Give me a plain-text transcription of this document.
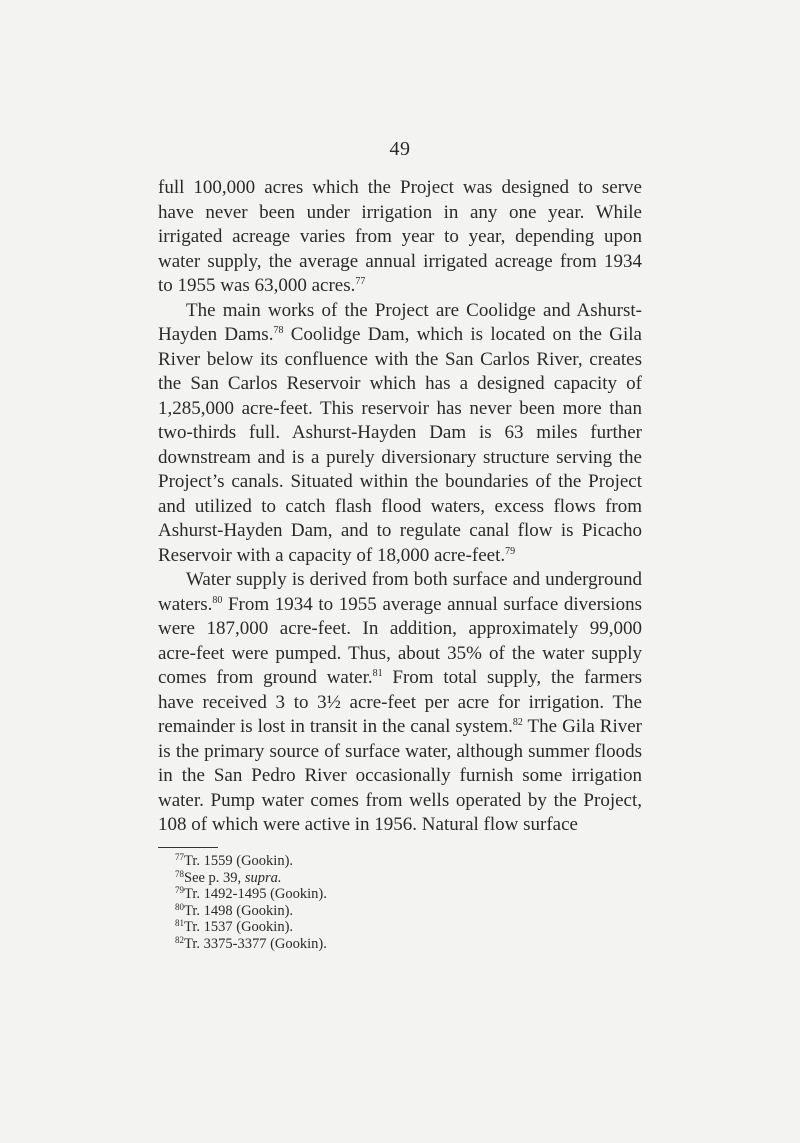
49

full 100,000 acres which the Project was designed to serve have never been under irrigation in any one year. While irrigated acreage varies from year to year, depending upon water supply, the average annual irrigated acreage from 1934 to 1955 was 63,000 acres.$^{77}$

The main works of the Project are Coolidge and Ashurst-Hayden Dams.$^{78}$ Coolidge Dam, which is located on the Gila River below its confluence with the San Carlos River, creates the San Carlos Reservoir which has a designed capacity of 1,285,000 acre-feet. This reservoir has never been more than two-thirds full. Ashurst-Hayden Dam is 63 miles further downstream and is a purely diversionary structure serving the Project’s canals. Situated within the boundaries of the Project and utilized to catch flash flood waters, excess flows from Ashurst-Hayden Dam, and to regulate canal flow is Picacho Reservoir with a capacity of 18,000 acre-feet.$^{79}$

Water supply is derived from both surface and underground waters.$^{80}$ From 1934 to 1955 average annual surface diversions were 187,000 acre-feet. In addition, approximately 99,000 acre-feet were pumped. Thus, about 35% of the water supply comes from ground water.$^{81}$ From total supply, the farmers have received 3 to 3½ acre-feet per acre for irrigation. The remainder is lost in transit in the canal system.$^{82}$ The Gila River is the primary source of surface water, although summer floods in the San Pedro River occasionally furnish some irrigation water. Pump water comes from wells operated by the Project, 108 of which were active in 1956. Natural flow surface

$^{77}$Tr. 1559 (Gookin).
$^{78}$See p. 39, supra.
$^{79}$Tr. 1492-1495 (Gookin).
$^{80}$Tr. 1498 (Gookin).
$^{81}$Tr. 1537 (Gookin).
$^{82}$Tr. 3375-3377 (Gookin).
